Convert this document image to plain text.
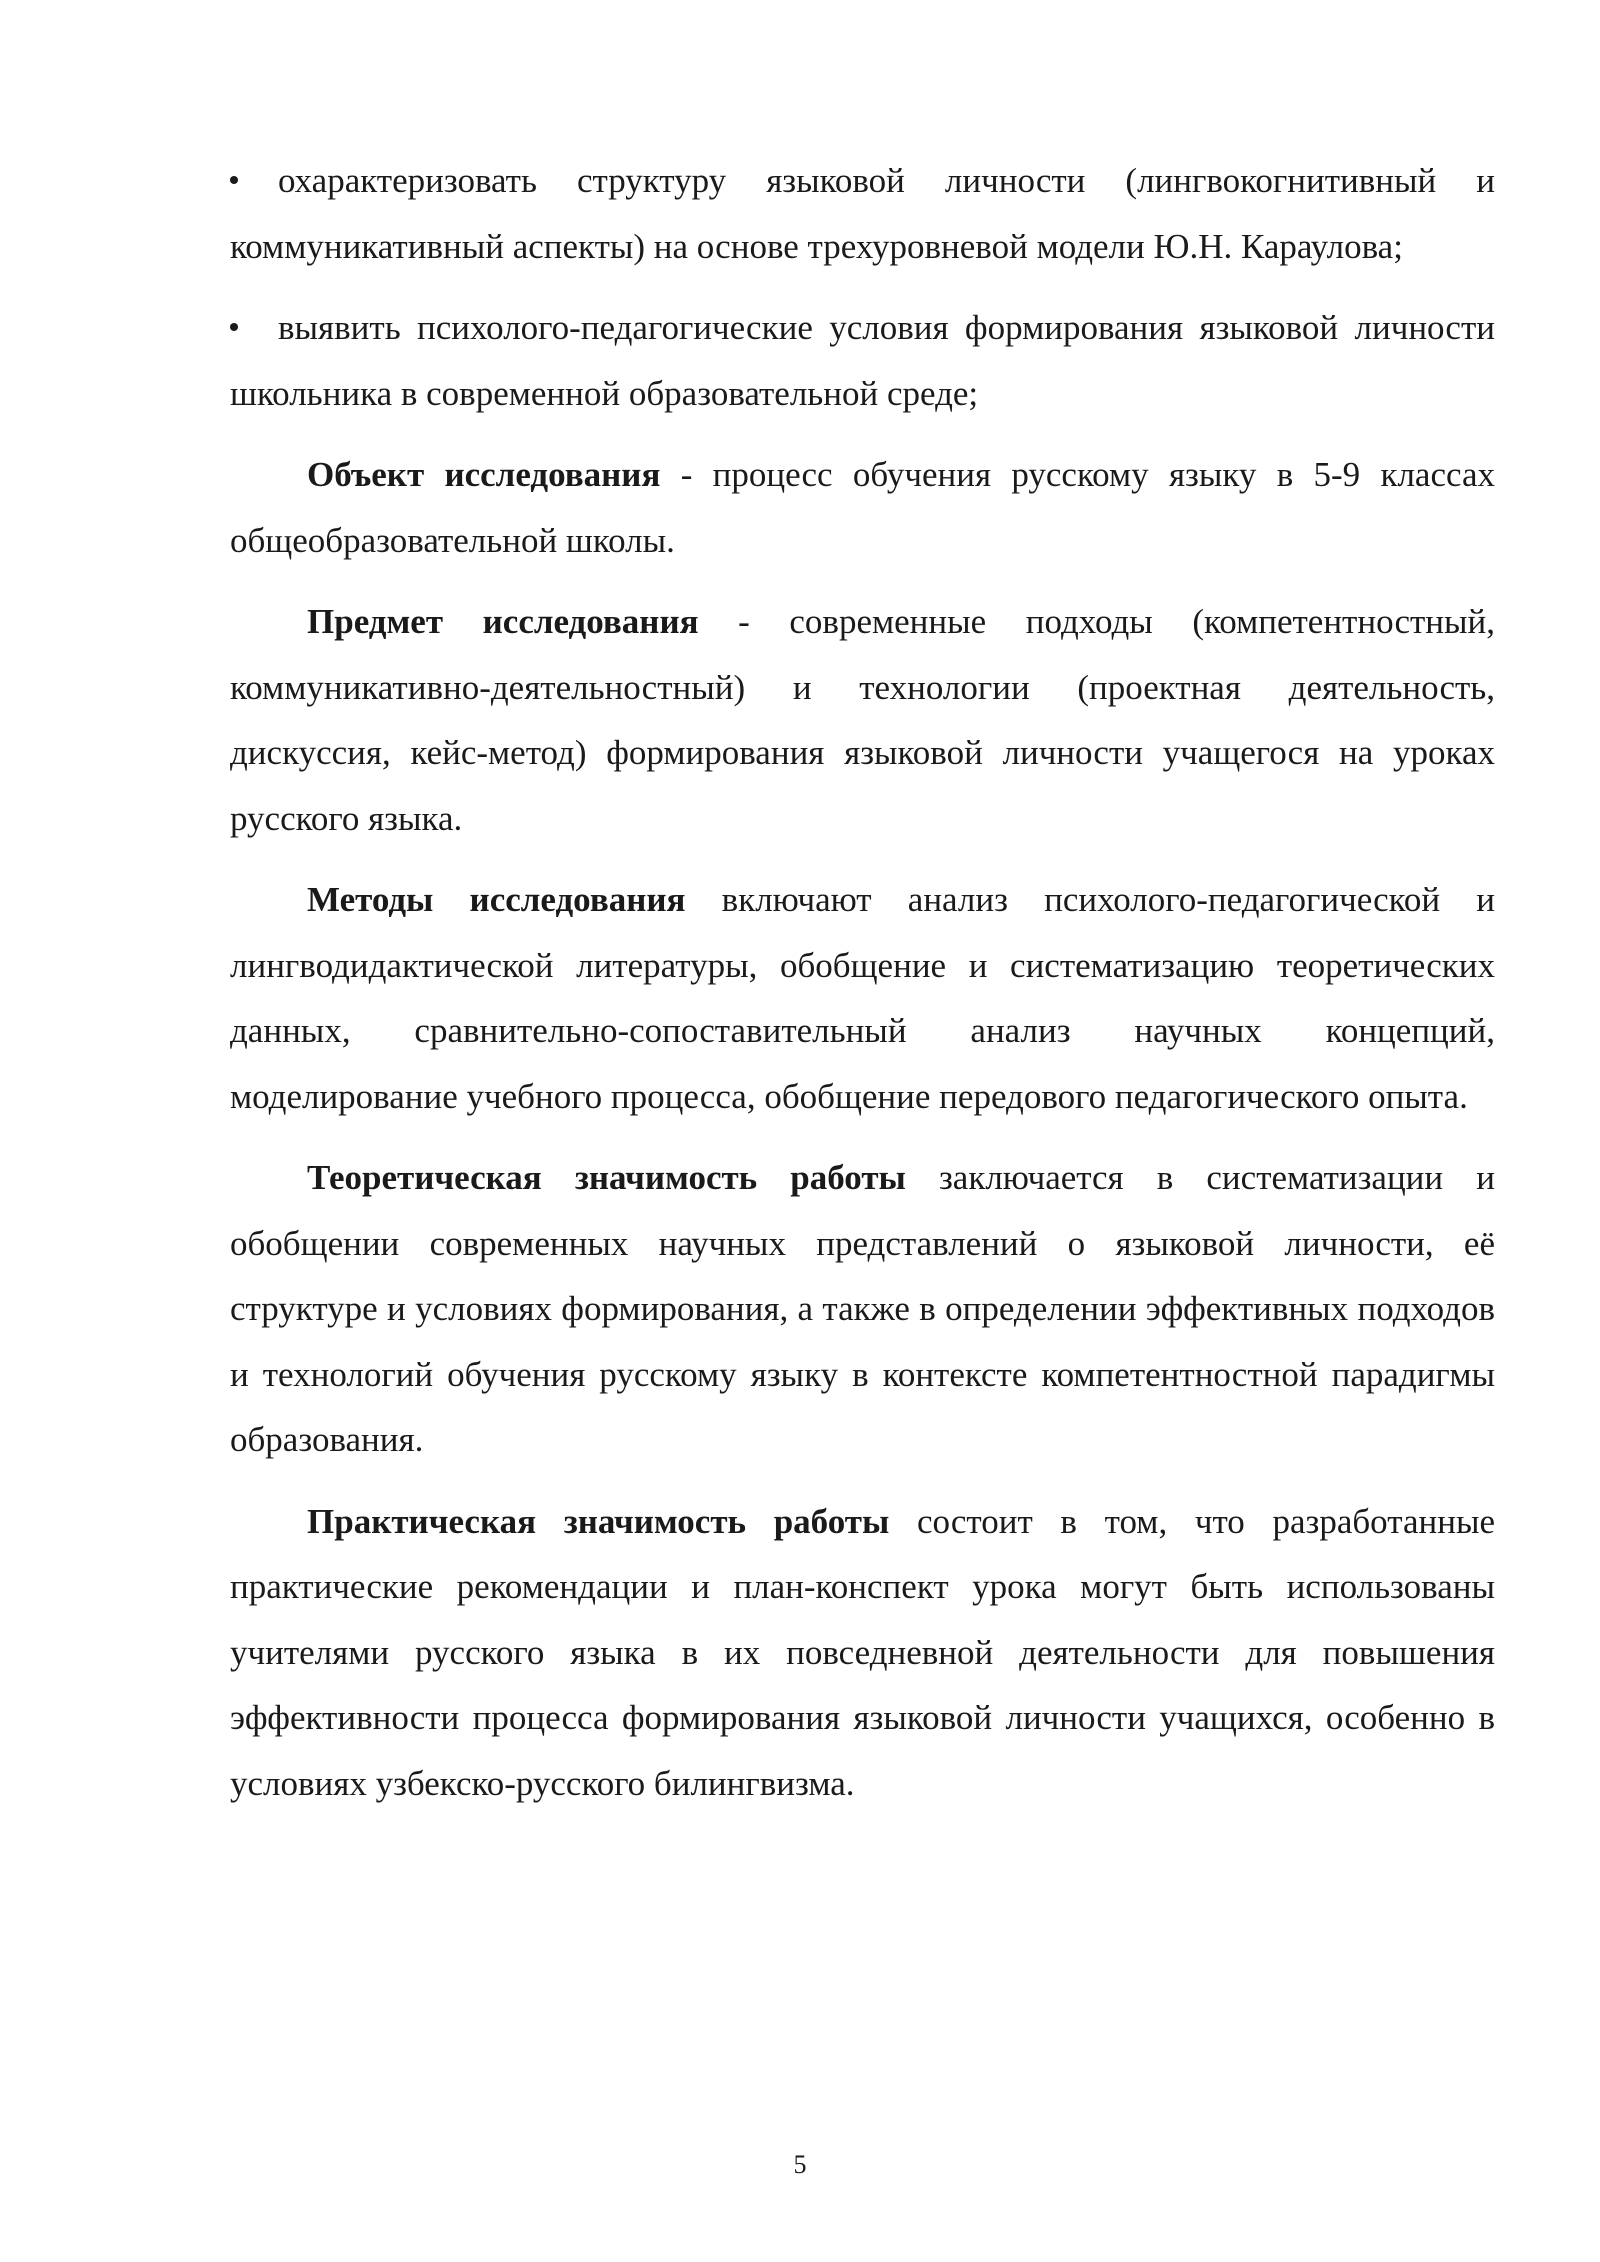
охарактеризовать структуру языковой личности (лингвокогнитивный и коммуникативный аспекты) на основе трехуровневой модели Ю.Н. Караулова;

выявить психолого-педагогические условия формирования языковой личности школьника в современной образовательной среде;

Объект исследования - процесс обучения русскому языку в 5-9 классах общеобразовательной школы.

Предмет исследования - современные подходы (компетентностный, коммуникативно-деятельностный) и технологии (проектная деятельность, дискуссия, кейс-метод) формирования языковой личности учащегося на уроках русского языка.

Методы исследования включают анализ психолого-педагогической и лингводидактической литературы, обобщение и систематизацию теоретических данных, сравнительно-сопоставительный анализ научных концепций, моделирование учебного процесса, обобщение передового педагогического опыта.

Теоретическая значимость работы заключается в систематизации и обобщении современных научных представлений о языковой личности, её структуре и условиях формирования, а также в определении эффективных подходов и технологий обучения русскому языку в контексте компетентностной парадигмы образования.

Практическая значимость работы состоит в том, что разработанные практические рекомендации и план-конспект урока могут быть использованы учителями русского языка в их повседневной деятельности для повышения эффективности процесса формирования языковой личности учащихся, особенно в условиях узбекско-русского билингвизма.

5
